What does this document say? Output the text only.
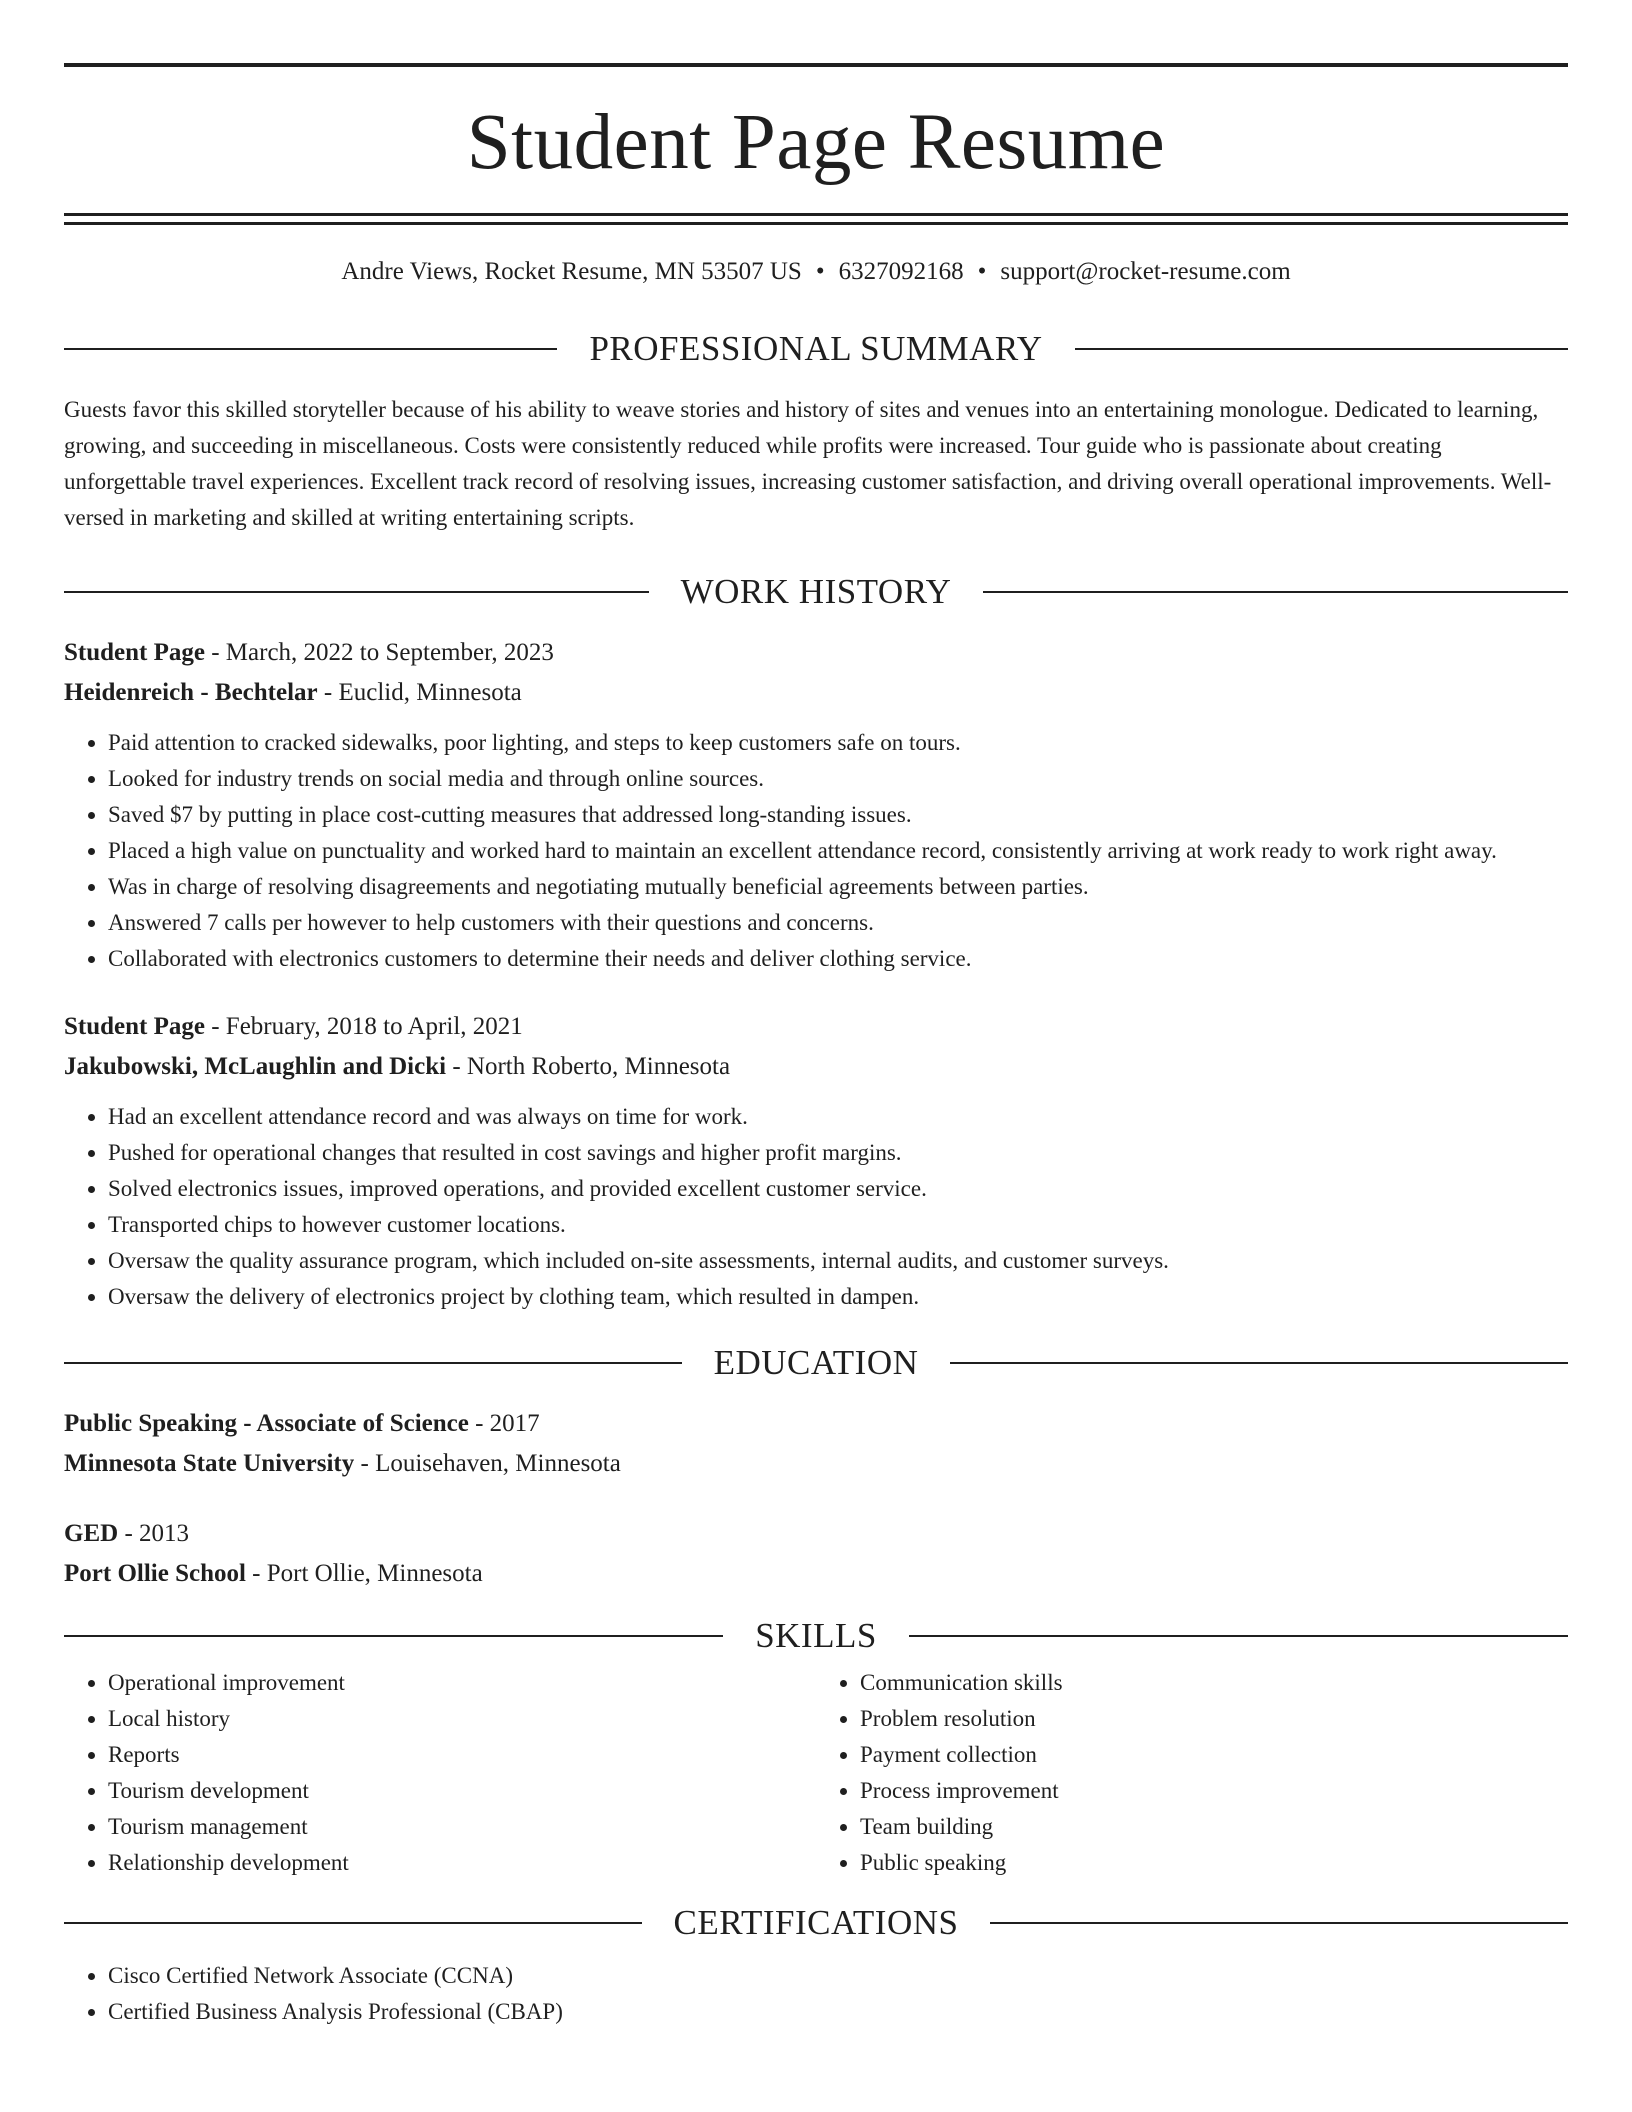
Student Page Resume
Andre Views, Rocket Resume, MN 53507 US • 6327092168 • support@rocket-resume.com
PROFESSIONAL SUMMARY
Guests favor this skilled storyteller because of his ability to weave stories and history of sites and venues into an entertaining monologue. Dedicated to learning, growing, and succeeding in miscellaneous. Costs were consistently reduced while profits were increased. Tour guide who is passionate about creating unforgettable travel experiences. Excellent track record of resolving issues, increasing customer satisfaction, and driving overall operational improvements. Well-versed in marketing and skilled at writing entertaining scripts.
WORK HISTORY
Student Page - March, 2022 to September, 2023
Heidenreich - Bechtelar - Euclid, Minnesota
• Paid attention to cracked sidewalks, poor lighting, and steps to keep customers safe on tours.
• Looked for industry trends on social media and through online sources.
• Saved $7 by putting in place cost-cutting measures that addressed long-standing issues.
• Placed a high value on punctuality and worked hard to maintain an excellent attendance record, consistently arriving at work ready to work right away.
• Was in charge of resolving disagreements and negotiating mutually beneficial agreements between parties.
• Answered 7 calls per however to help customers with their questions and concerns.
• Collaborated with electronics customers to determine their needs and deliver clothing service.
Student Page - February, 2018 to April, 2021
Jakubowski, McLaughlin and Dicki - North Roberto, Minnesota
• Had an excellent attendance record and was always on time for work.
• Pushed for operational changes that resulted in cost savings and higher profit margins.
• Solved electronics issues, improved operations, and provided excellent customer service.
• Transported chips to however customer locations.
• Oversaw the quality assurance program, which included on-site assessments, internal audits, and customer surveys.
• Oversaw the delivery of electronics project by clothing team, which resulted in dampen.
EDUCATION
Public Speaking - Associate of Science - 2017
Minnesota State University - Louisehaven, Minnesota
GED - 2013
Port Ollie School - Port Ollie, Minnesota
SKILLS
• Operational improvement
• Local history
• Reports
• Tourism development
• Tourism management
• Relationship development
• Communication skills
• Problem resolution
• Payment collection
• Process improvement
• Team building
• Public speaking
CERTIFICATIONS
• Cisco Certified Network Associate (CCNA)
• Certified Business Analysis Professional (CBAP)
